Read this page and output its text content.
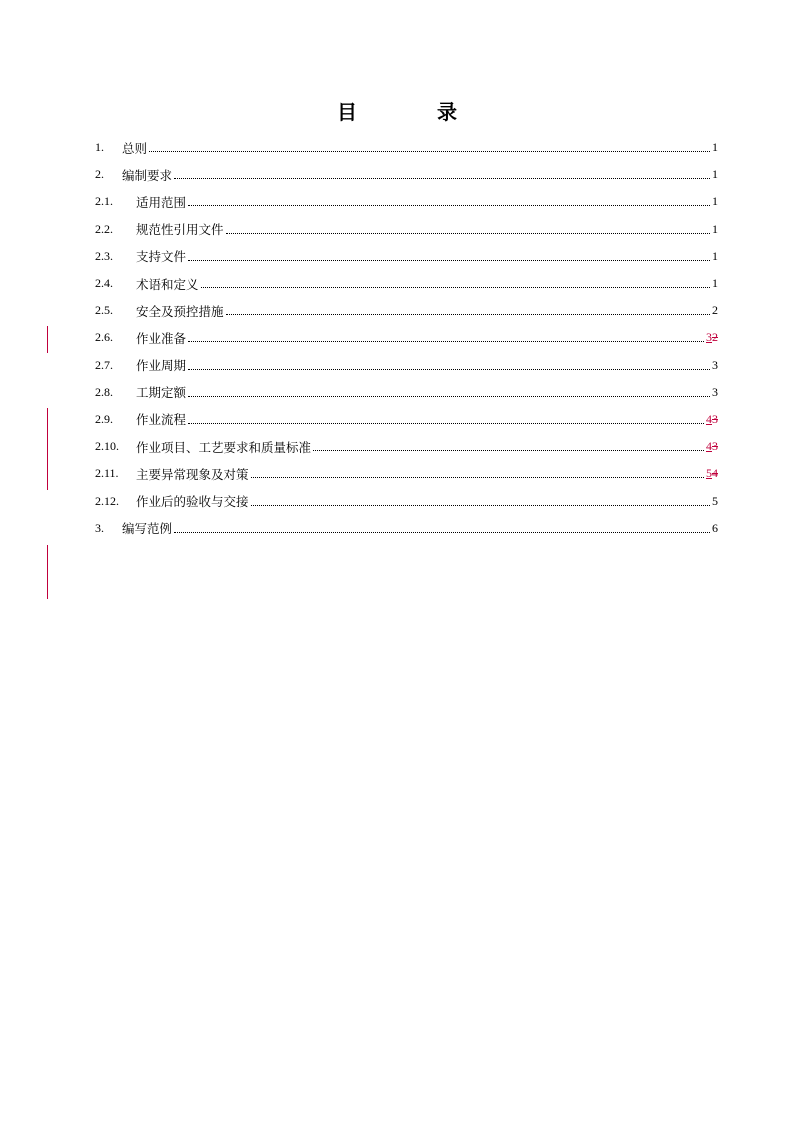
目　录
1.	总则	1
2.	编制要求	1
2.1.	适用范围	1
2.2.	规范性引用文件	1
2.3.	支持文件	1
2.4.	术语和定义	1
2.5.	安全及预控措施	2
2.6.	作业准备	32
2.7.	作业周期	3
2.8.	工期定额	3
2.9.	作业流程	43
2.10.	作业项目、工艺要求和质量标准	43
2.11.	主要异常现象及对策	54
2.12.	作业后的验收与交接	5
3.	编写范例	6
